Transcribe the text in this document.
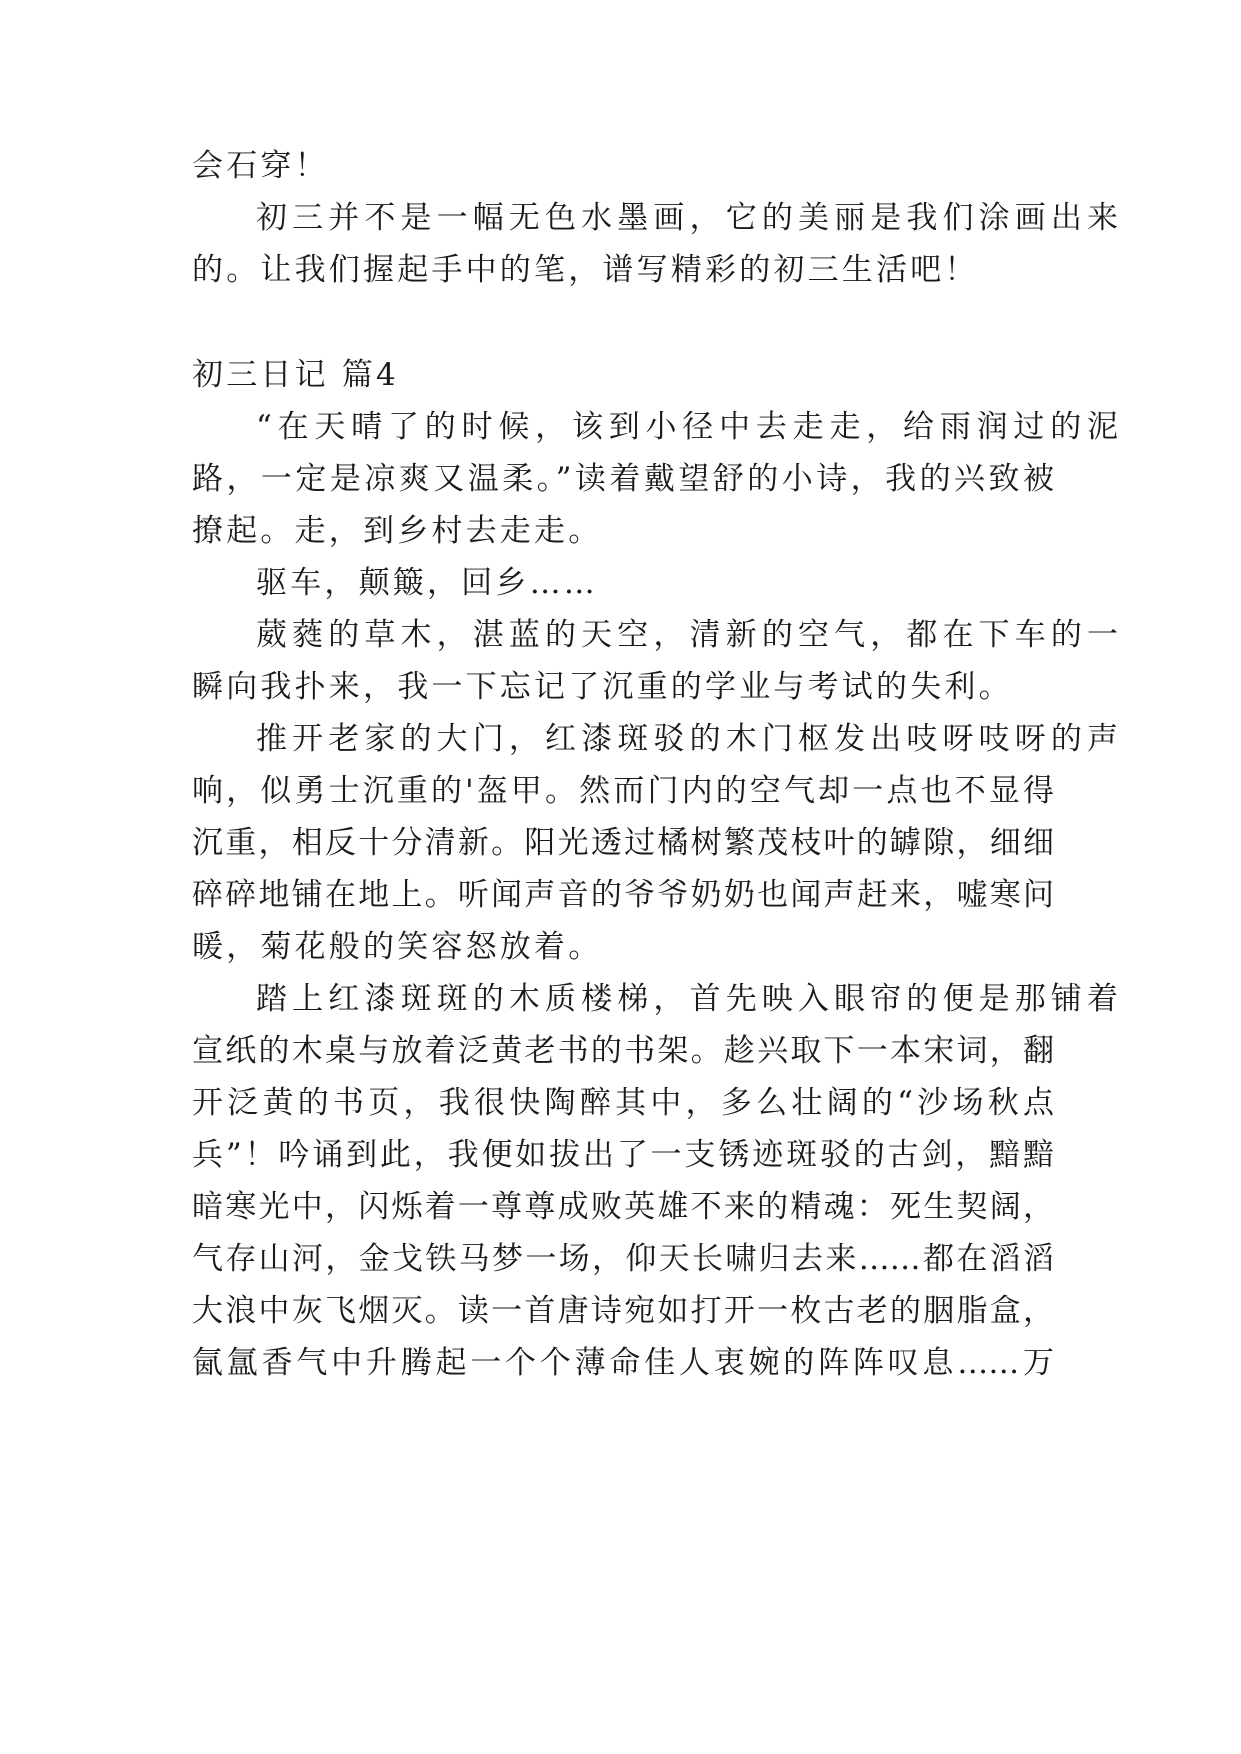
会石穿！
初三并不是一幅无色水墨画，它的美丽是我们涂画出来
的。让我们握起手中的笔，谱写精彩的初三生活吧！
初三日记 篇4
“在天晴了的时候，该到小径中去走走，给雨润过的泥
路，一定是凉爽又温柔。”读着戴望舒的小诗，我的兴致被
撩起。走，到乡村去走走。
驱车，颠簸，回乡……
葳蕤的草木，湛蓝的天空，清新的空气，都在下车的一
瞬向我扑来，我一下忘记了沉重的学业与考试的失利。
推开老家的大门，红漆斑驳的木门枢发出吱呀吱呀的声
响，似勇士沉重的'盔甲。然而门内的空气却一点也不显得
沉重，相反十分清新。阳光透过橘树繁茂枝叶的罅隙，细细
碎碎地铺在地上。听闻声音的爷爷奶奶也闻声赶来，嘘寒问
暖，菊花般的笑容怒放着。
踏上红漆斑斑的木质楼梯，首先映入眼帘的便是那铺着
宣纸的木桌与放着泛黄老书的书架。趁兴取下一本宋词，翻
开泛黄的书页，我很快陶醉其中，多么壮阔的“沙场秋点
兵”！吟诵到此，我便如拔出了一支锈迹斑驳的古剑，黯黯
暗寒光中，闪烁着一尊尊成败英雄不来的精魂：死生契阔，
气存山河，金戈铁马梦一场，仰天长啸归去来……都在滔滔
大浪中灰飞烟灭。读一首唐诗宛如打开一枚古老的胭脂盒，
氤氲香气中升腾起一个个薄命佳人衷婉的阵阵叹息……万
